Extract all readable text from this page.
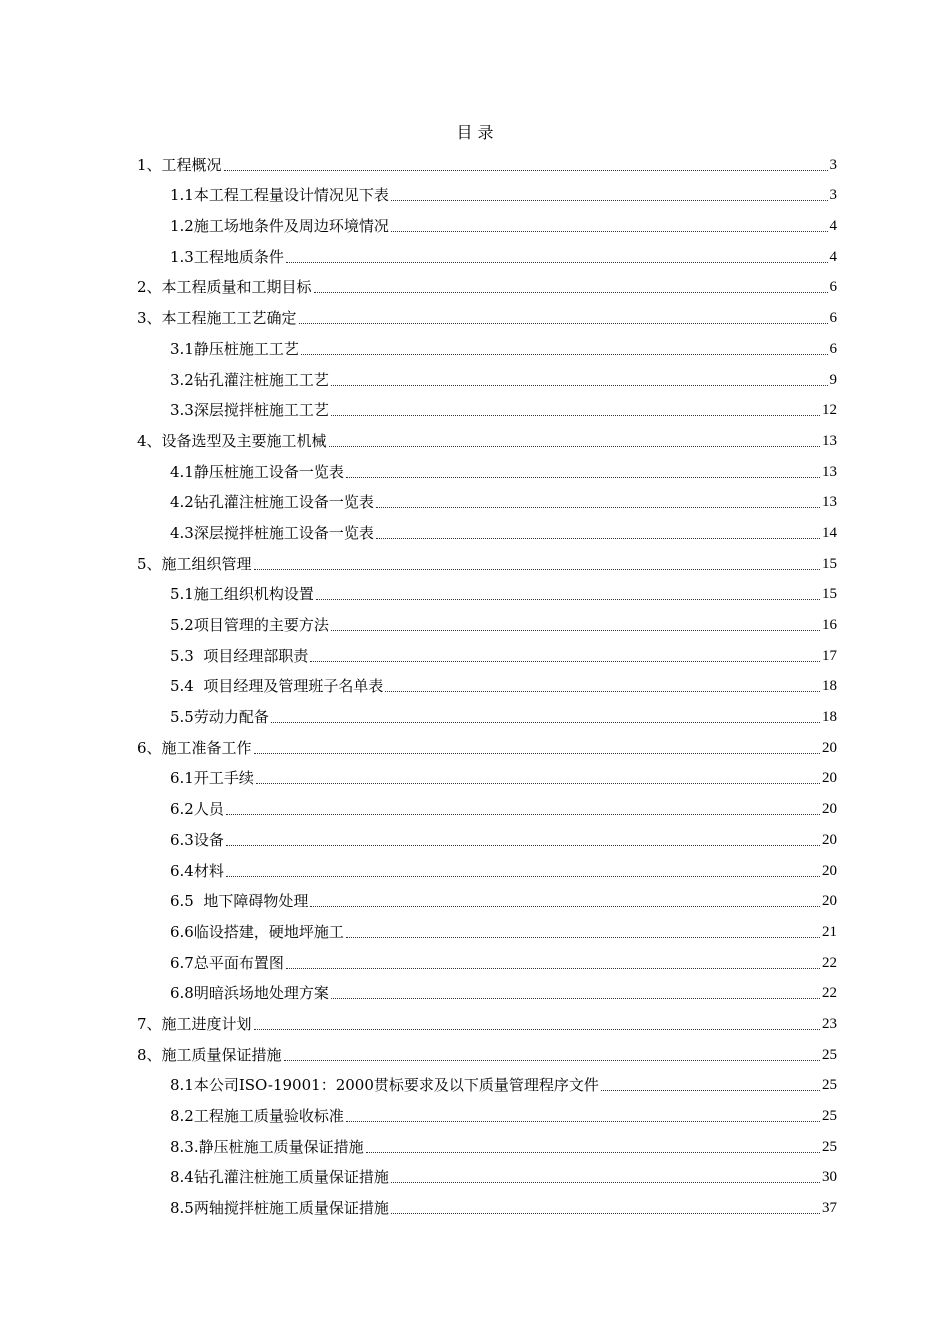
目 录
1、工程概况	3
1.1本工程工程量设计情况见下表	3
1.2施工场地条件及周边环境情况	4
1.3工程地质条件	4
2、本工程质量和工期目标	6
3、本工程施工工艺确定	6
3.1静压桩施工工艺	6
3.2钻孔灌注桩施工工艺	9
3.3深层搅拌桩施工工艺	12
4、设备选型及主要施工机械	13
4.1静压桩施工设备一览表	13
4.2钻孔灌注桩施工设备一览表	13
4.3深层搅拌桩施工设备一览表	14
5、施工组织管理	15
5.1施工组织机构设置	15
5.2项目管理的主要方法	16
5.3  项目经理部职责	17
5.4  项目经理及管理班子名单表	18
5.5劳动力配备	18
6、施工准备工作	20
6.1开工手续	20
6.2人员	20
6.3设备	20
6.4材料	20
6.5  地下障碍物处理	20
6.6临设搭建，硬地坪施工	21
6.7总平面布置图	22
6.8明暗浜场地处理方案	22
7、施工进度计划	23
8、施工质量保证措施	25
8.1本公司ISO-19001：2000贯标要求及以下质量管理程序文件	25
8.2工程施工质量验收标准	25
8.3.静压桩施工质量保证措施	25
8.4钻孔灌注桩施工质量保证措施	30
8.5两轴搅拌桩施工质量保证措施	37
